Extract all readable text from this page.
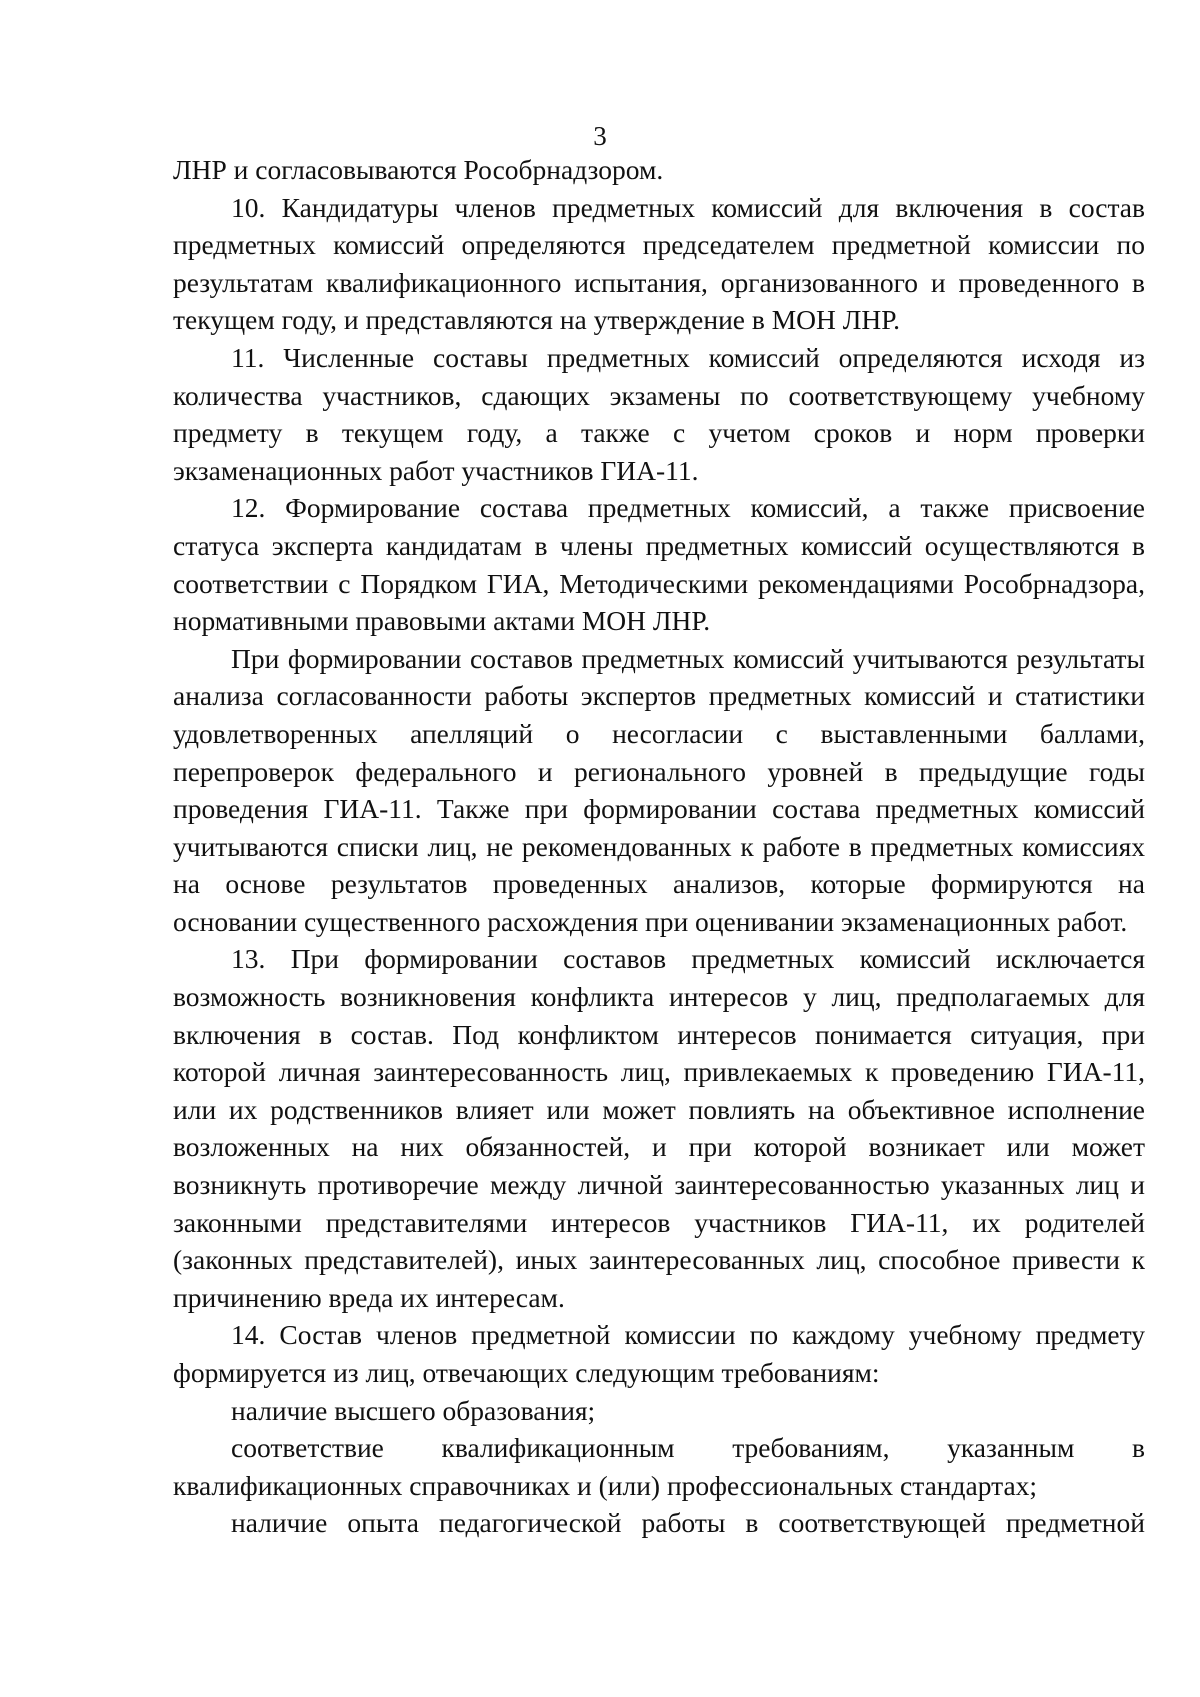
3

ЛНР и согласовываются Рособрнадзором.

10. Кандидатуры членов предметных комиссий для включения в состав предметных комиссий определяются председателем предметной комиссии по результатам квалификационного испытания, организованного и проведенного в текущем году, и представляются на утверждение в МОН ЛНР.

11. Численные составы предметных комиссий определяются исходя из количества участников, сдающих экзамены по соответствующему учебному предмету в текущем году, а также с учетом сроков и норм проверки экзаменационных работ участников ГИА-11.

12. Формирование состава предметных комиссий, а также присвоение статуса эксперта кандидатам в члены предметных комиссий осуществляются в соответствии с Порядком ГИА, Методическими рекомендациями Рособрнадзора, нормативными правовыми актами МОН ЛНР.

При формировании составов предметных комиссий учитываются результаты анализа согласованности работы экспертов предметных комиссий и статистики удовлетворенных апелляций о несогласии с выставленными баллами, перепроверок федерального и регионального уровней в предыдущие годы проведения ГИА-11. Также при формировании состава предметных комиссий учитываются списки лиц, не рекомендованных к работе в предметных комиссиях на основе результатов проведенных анализов, которые формируются на основании существенного расхождения при оценивании экзаменационных работ.

13. При формировании составов предметных комиссий исключается возможность возникновения конфликта интересов у лиц, предполагаемых для включения в состав. Под конфликтом интересов понимается ситуация, при которой личная заинтересованность лиц, привлекаемых к проведению ГИА-11, или их родственников влияет или может повлиять на объективное исполнение возложенных на них обязанностей, и при которой возникает или может возникнуть противоречие между личной заинтересованностью указанных лиц и законными представителями интересов участников ГИА-11, их родителей (законных представителей), иных заинтересованных лиц, способное привести к причинению вреда их интересам.

14. Состав членов предметной комиссии по каждому учебному предмету формируется из лиц, отвечающих следующим требованиям:

наличие высшего образования;

соответствие квалификационным требованиям, указанным в квалификационных справочниках и (или) профессиональных стандартах;

наличие опыта педагогической работы в соответствующей предметной
